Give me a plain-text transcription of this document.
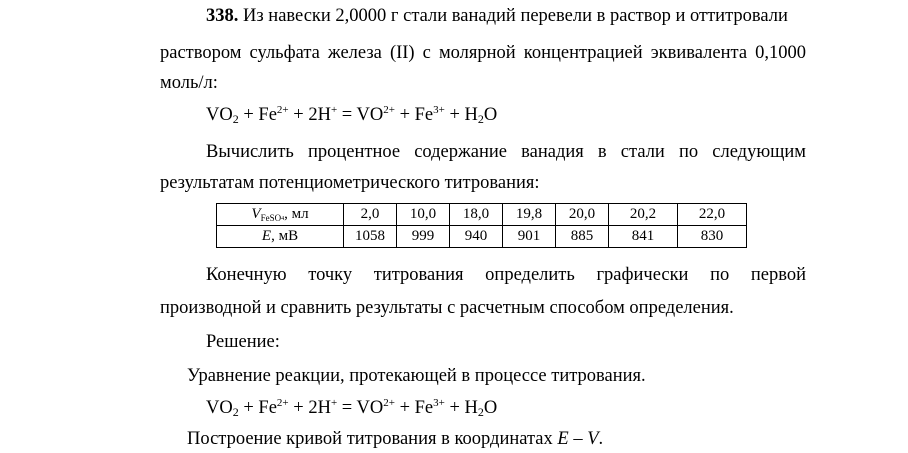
338. Из навески 2,0000 г стали ванадий перевели в раствор и оттитровали
раствором сульфата железа (II) с молярной концентрацией эквивалента 0,1000
моль/л:
$VO_2 + Fe^{2+} + 2H^+ = VO^{2+} + Fe^{3+} + H_2O$
Вычислить процентное содержание ванадия в стали по следующим
результатам потенциометрического титрования:
$V_{FeSO}4$, мл	2,0	10,0	18,0	19,8	20,0	20,2	22,0
E, мВ	1058	999	940	901	885	841	830
Конечную точку титрования определить графически по первой
производной и сравнить результаты с расчетным способом определения.
Решение:
Уравнение реакции, протекающей в процессе титрования.
$VO_2 + Fe^{2+} + 2H^+ = VO^{2+} + Fe^{3+} + H_2O$
Построение кривой титрования в координатах E – V.
